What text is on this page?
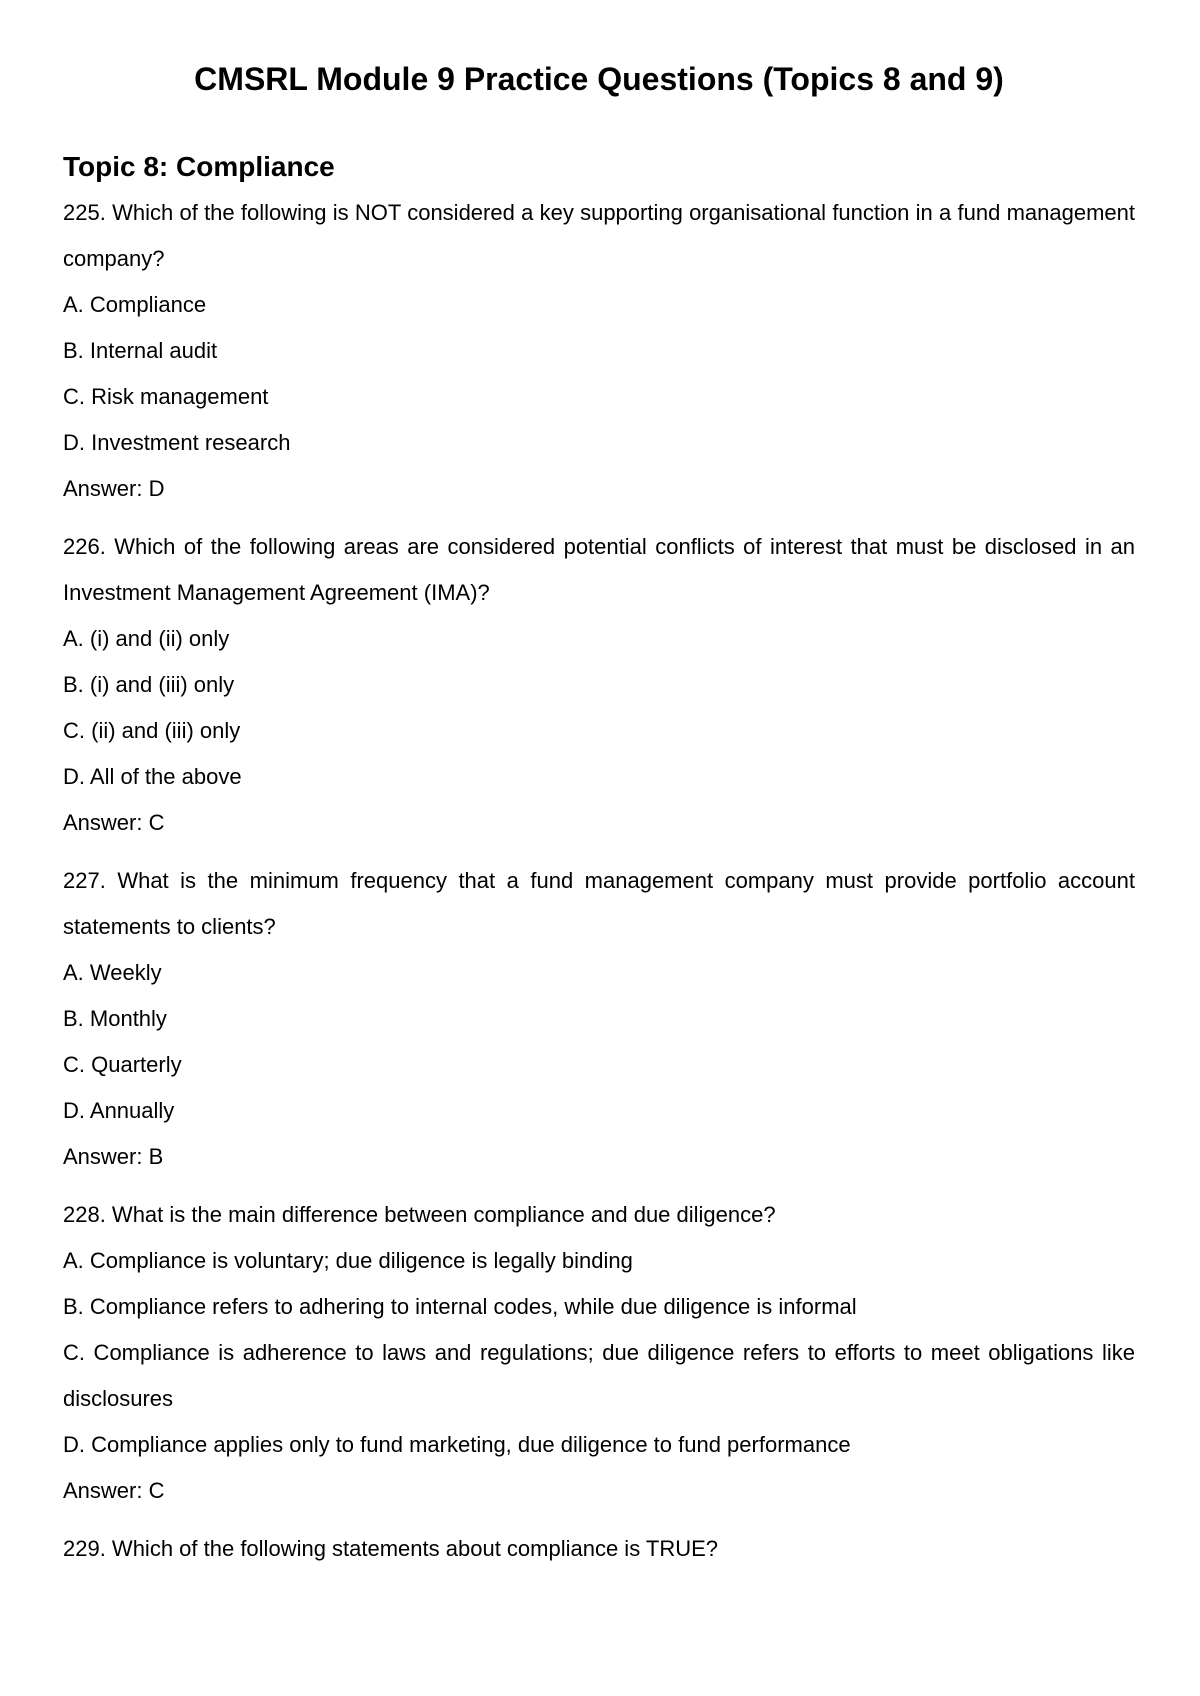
CMSRL Module 9 Practice Questions (Topics 8 and 9)
Topic 8: Compliance

225. Which of the following is NOT considered a key supporting organisational function in a fund management company?

A. Compliance

B. Internal audit

C. Risk management

D. Investment research

Answer: D

226. Which of the following areas are considered potential conflicts of interest that must be disclosed in an Investment Management Agreement (IMA)?

A. (i) and (ii) only

B. (i) and (iii) only

C. (ii) and (iii) only

D. All of the above

Answer: C

227. What is the minimum frequency that a fund management company must provide portfolio account statements to clients?

A. Weekly

B. Monthly

C. Quarterly

D. Annually

Answer: B

228. What is the main difference between compliance and due diligence?

A. Compliance is voluntary; due diligence is legally binding

B. Compliance refers to adhering to internal codes, while due diligence is informal

C. Compliance is adherence to laws and regulations; due diligence refers to efforts to meet obligations like disclosures

D. Compliance applies only to fund marketing, due diligence to fund performance

Answer: C

229. Which of the following statements about compliance is TRUE?
